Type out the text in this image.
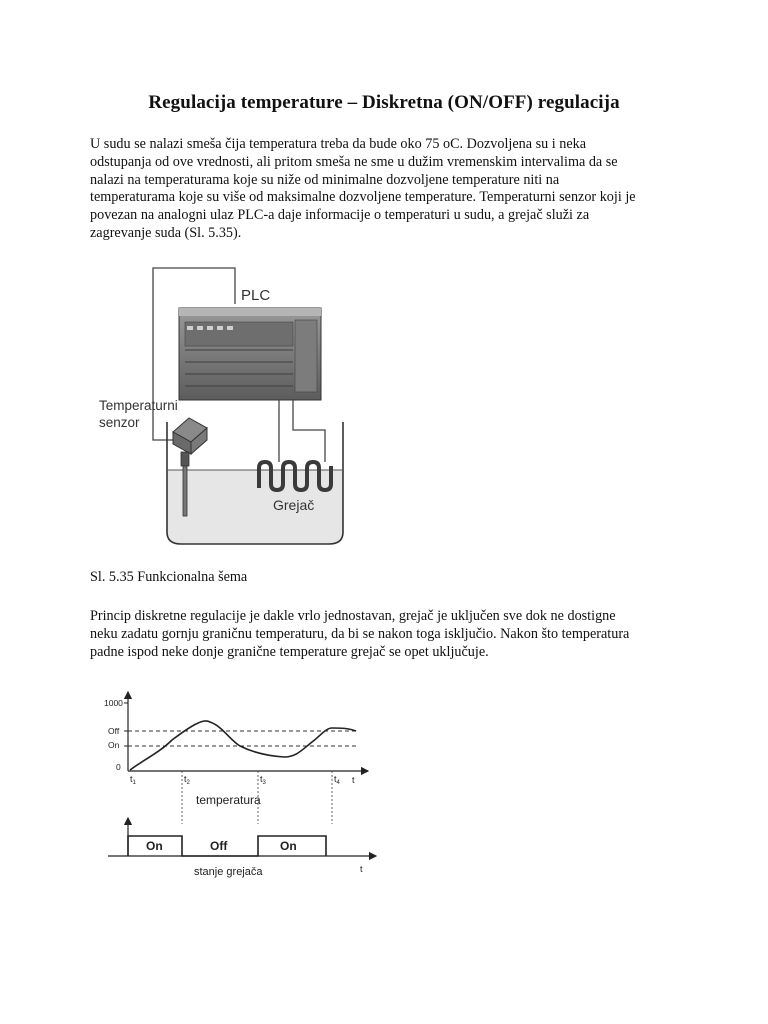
Regulacija temperature – Diskretna (ON/OFF) regulacija
U sudu se nalazi smeša čija temperatura treba da bude oko 75 oC. Dozvoljena su i neka
odstupanja od ove vrednosti, ali pritom smeša ne sme u dužim vremenskim intervalima da se
nalazi na temperaturama koje su niže od minimalne dozvoljene temperature niti na
temperaturama koje su više od maksimalne dozvoljene temperature. Temperaturni senzor koji je
povezan na analogni ulaz PLC-a daje informacije o temperaturi u sudu, a grejač služi za
zagrevanje suda (Sl. 5.35).
PLC
Grejač
Temperaturni
senzor
Sl. 5.35 Funkcionalna šema
Princip diskretne regulacije je dakle vrlo jednostavan, grejač je uključen sve dok ne dostigne
neku zadatu gornju graničnu temperaturu, da bi se nakon toga isključio. Nakon što temperatura
padne ispod neke donje granične temperature grejač se opet uključuje.
1000
Off
On
0
$t_1$	$t_2$	$t_3$	$t_4$ t
temperatura
On	Off	On
t
stanje grejača
